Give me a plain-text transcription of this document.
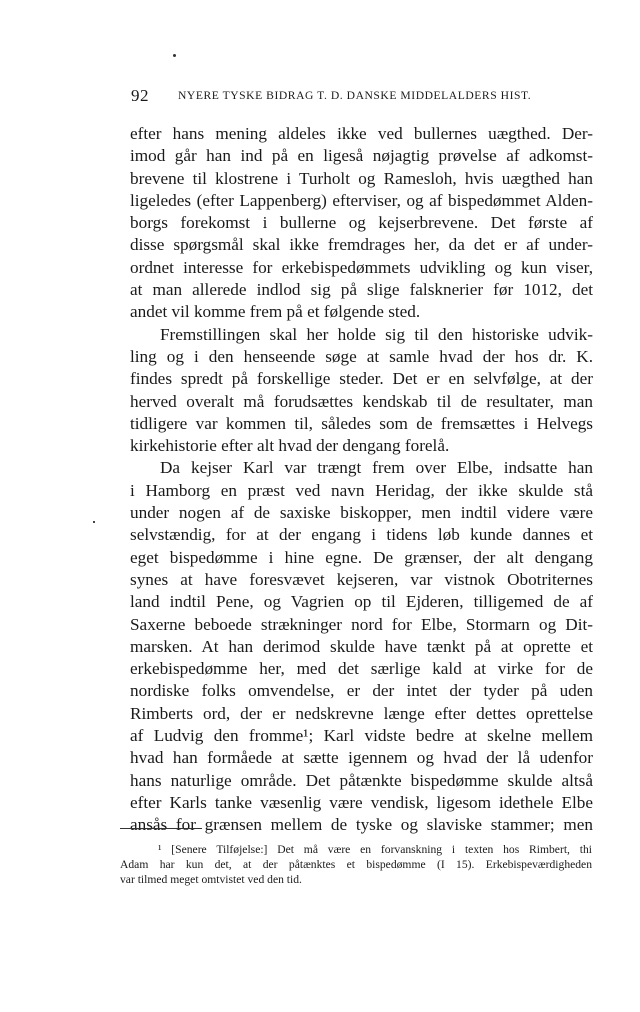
92	NYERE TYSKE BIDRAG T. D. DANSKE MIDDELALDERS HIST.
efter hans mening aldeles ikke ved bullernes uægthed. Der-
imod går han ind på en ligeså nøjagtig prøvelse af adkomst-
brevene til klostrene i Turholt og Ramesloh, hvis uægthed han
ligeledes (efter Lappenberg) efterviser, og af bispedømmet Alden-
borgs forekomst i bullerne og kejserbrevene. Det første af
disse spørgsmål skal ikke fremdrages her, da det er af under-
ordnet interesse for erkebispedømmets udvikling og kun viser,
at man allerede indlod sig på slige falsknerier før 1012, det
andet vil komme frem på et følgende sted.
Fremstillingen skal her holde sig til den historiske udvik-
ling og i den henseende søge at samle hvad der hos dr. K.
findes spredt på forskellige steder. Det er en selvfølge, at der
herved overalt må forudsættes kendskab til de resultater, man
tidligere var kommen til, således som de fremsættes i Helvegs
kirkehistorie efter alt hvad der dengang forelå.
Da kejser Karl var trængt frem over Elbe, indsatte han
i Hamborg en præst ved navn Heridag, der ikke skulde stå
under nogen af de saxiske biskopper, men indtil videre være
selvstændig, for at der engang i tidens løb kunde dannes et
eget bispedømme i hine egne. De grænser, der alt dengang
synes at have foresvævet kejseren, var vistnok Obotriternes
land indtil Pene, og Vagrien op til Ejderen, tilligemed de af
Saxerne beboede strækninger nord for Elbe, Stormarn og Dit-
marsken. At han derimod skulde have tænkt på at oprette et
erkebispedømme her, med det særlige kald at virke for de
nordiske folks omvendelse, er der intet der tyder på uden
Rimberts ord, der er nedskrevne længe efter dettes oprettelse
af Ludvig den fromme¹; Karl vidste bedre at skelne mellem
hvad han formåede at sætte igennem og hvad der lå udenfor
hans naturlige område. Det påtænkte bispedømme skulde altså
efter Karls tanke væsenlig være vendisk, ligesom idethele Elbe
ansås for grænsen mellem de tyske og slaviske stammer; men
¹ [Senere Tilføjelse:] Det må være en forvanskning i texten hos Rimbert, thi
Adam har kun det, at der påtænktes et bispedømme (I 15). Erkebispeværdigheden
var tilmed meget omtvistet ved den tid.
